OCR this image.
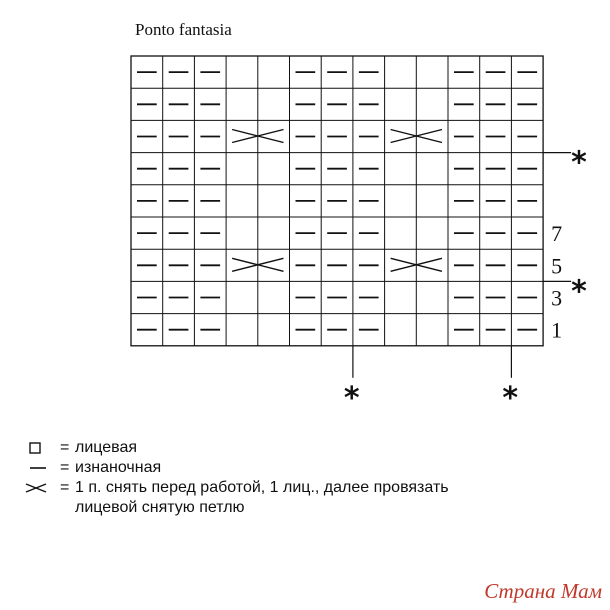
Ponto fantasia
7
5
3
1
*
*
*	*
= лицевая
= изнаночная
= 1 п. снять перед работой, 1 лиц., далее провязать
лицевой снятую петлю
Страна Мам
